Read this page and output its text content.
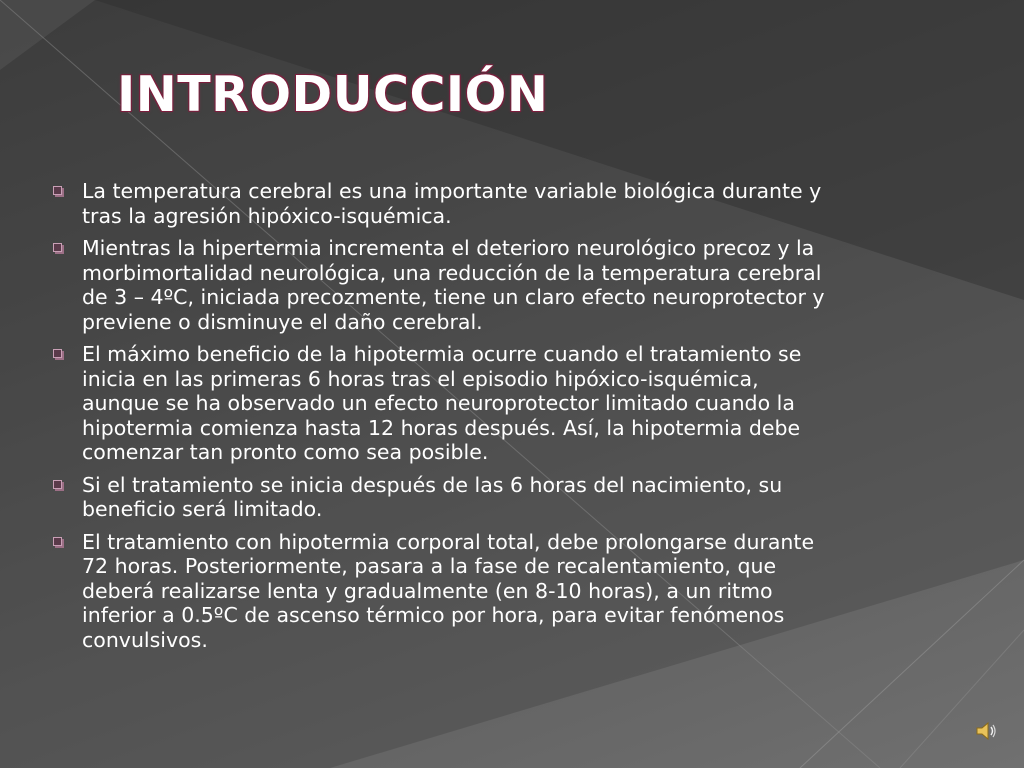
INTRODUCCIÓN
La temperatura cerebral es una importante variable biológica durante y tras la agresión hipóxico-isquémica.
Mientras la hipertermia incrementa el deterioro neurológico precoz y la morbimortalidad neurológica, una reducción de la temperatura cerebral de 3 – 4ºC, iniciada precozmente, tiene un claro efecto neuroprotector y previene o disminuye el daño cerebral.
El máximo beneficio de la hipotermia ocurre cuando el tratamiento se inicia en las primeras 6 horas tras el episodio hipóxico-isquémica, aunque se ha observado un efecto neuroprotector limitado cuando la hipotermia comienza hasta 12 horas después. Así, la hipotermia debe comenzar tan pronto como sea posible.
Si el tratamiento se inicia después de las 6 horas del nacimiento, su beneficio será limitado.
El tratamiento con hipotermia corporal total, debe prolongarse durante 72 horas. Posteriormente, pasara a la fase de recalentamiento, que deberá realizarse lenta y gradualmente (en 8-10 horas), a un ritmo inferior a 0.5ºC de ascenso térmico por hora, para evitar fenómenos convulsivos.
